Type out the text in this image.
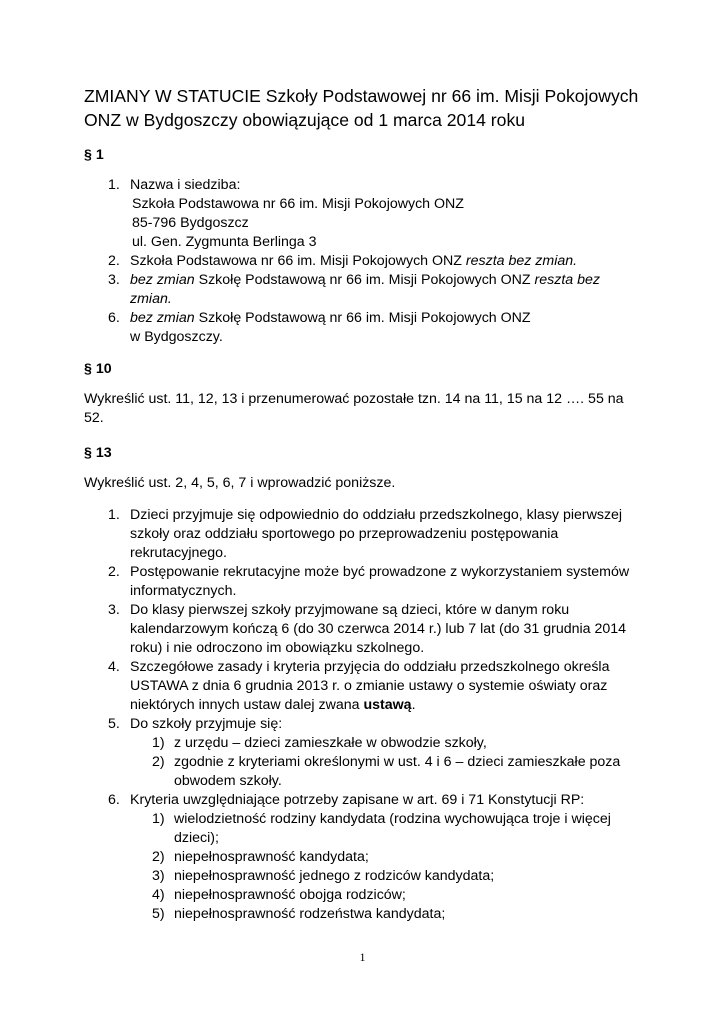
ZMIANY W STATUCIE Szkoły Podstawowej nr 66 im. Misji Pokojowych
ONZ w Bydgoszczy obowiązujące od 1 marca 2014 roku

§ 1

1. Nazwa i siedziba:
Szkoła Podstawowa nr 66 im. Misji Pokojowych ONZ
85-796 Bydgoszcz
ul. Gen. Zygmunta Berlinga 3
2. Szkoła Podstawowa nr 66 im. Misji Pokojowych ONZ reszta bez zmian.
3. bez zmian Szkołę Podstawową nr 66 im. Misji Pokojowych ONZ reszta bez zmian.
6. bez zmian Szkołę Podstawową nr 66 im. Misji Pokojowych ONZ
w Bydgoszczy.

§ 10

Wykreślić ust. 11, 12, 13 i przenumerować pozostałe tzn. 14 na 11, 15 na 12 …. 55 na 52.

§ 13

Wykreślić ust. 2, 4, 5, 6, 7 i wprowadzić poniższe.

1. Dzieci przyjmuje się odpowiednio do oddziału przedszkolnego, klasy pierwszej szkoły oraz oddziału sportowego po przeprowadzeniu postępowania rekrutacyjnego.
2. Postępowanie rekrutacyjne może być prowadzone z wykorzystaniem systemów informatycznych.
3. Do klasy pierwszej szkoły przyjmowane są dzieci, które w danym roku kalendarzowym kończą 6 (do 30 czerwca 2014 r.) lub 7 lat (do 31 grudnia 2014 roku) i nie odroczono im obowiązku szkolnego.
4. Szczegółowe zasady i kryteria przyjęcia do oddziału przedszkolnego określa USTAWA z dnia 6 grudnia 2013 r. o zmianie ustawy o systemie oświaty oraz niektórych innych ustaw dalej zwana ustawą.
5. Do szkoły przyjmuje się:
1) z urzędu – dzieci zamieszkałe w obwodzie szkoły,
2) zgodnie z kryteriami określonymi w ust. 4 i 6 – dzieci zamieszkałe poza obwodem szkoły.
6. Kryteria uwzględniające potrzeby zapisane w art. 69 i 71 Konstytucji RP:
1) wielodzietność rodziny kandydata (rodzina wychowująca troje i więcej dzieci);
2) niepełnosprawność kandydata;
3) niepełnosprawność jednego z rodziców kandydata;
4) niepełnosprawność obojga rodziców;
5) niepełnosprawność rodzeństwa kandydata;
1
